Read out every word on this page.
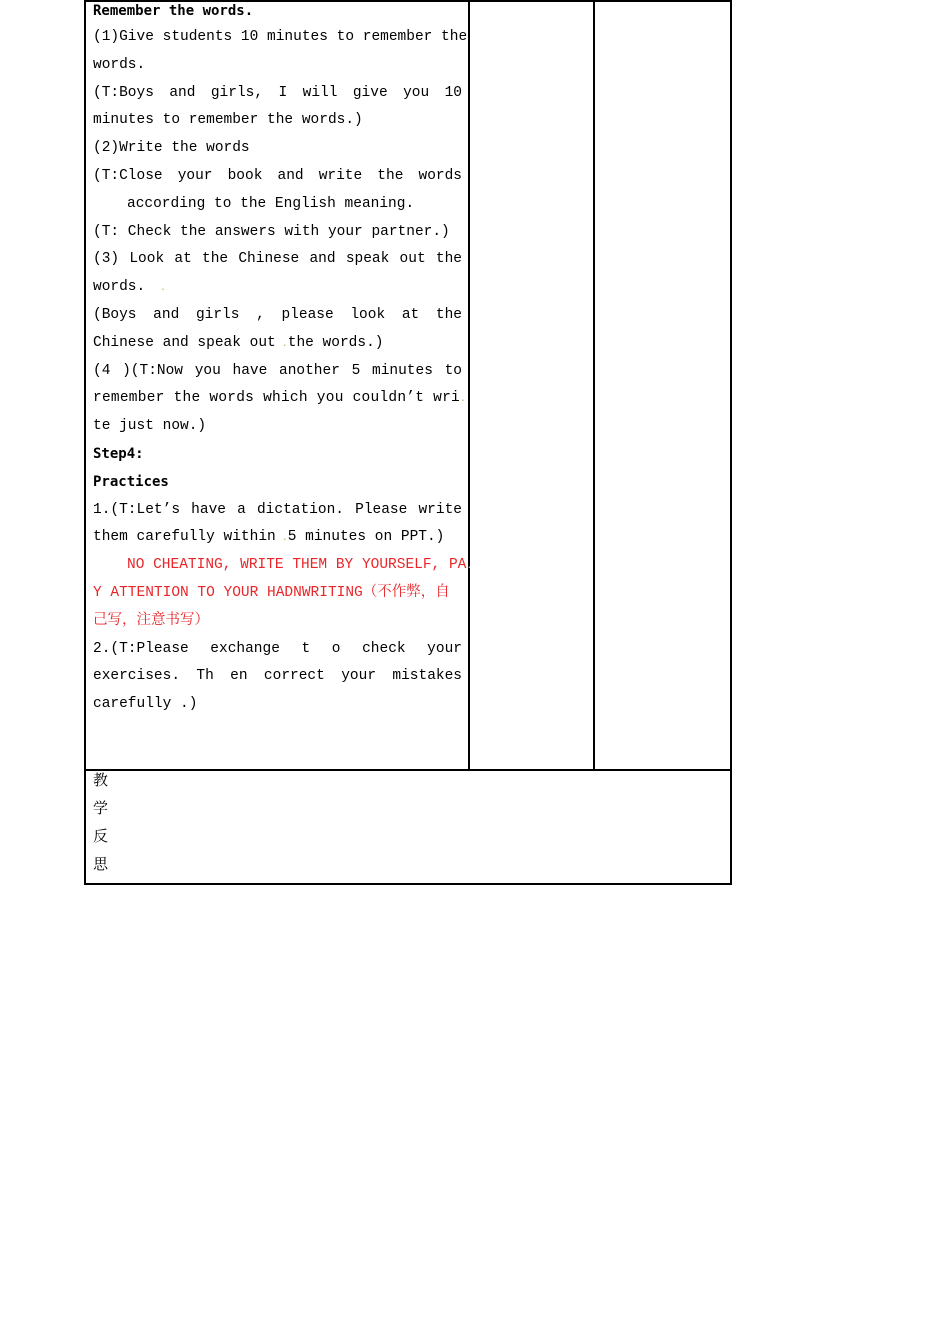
Remember the words.
(1)Give students 10 minutes to remember the
words.
(T:Boys and girls, I will give you 10
minutes to remember the words.)
(2)Write the words
(T:Close your book and write the words
according to the English meaning.
(T: Check the answers with your partner.)
(3) Look at the Chinese and speak out the
words.  .
(Boys and girls , please look at the
Chinese and speak out .the words.)
(4 )(T:Now you have another 5 minutes to
remember the words which you couldn’t wri.
te just now.)
Step4:
Practices
1.(T:Let’s have a dictation. Please write
them carefully within .5 minutes on PPT.)
NO CHEATING, WRITE THEM BY YOURSELF, PA.
Y ATTENTION TO YOUR HADNWRITING（不作弊，自
己写，注意书写）
2.(T:Please exchange t o check your
exercises. Th en correct your mistakes
carefully .)
教
学
反
思
